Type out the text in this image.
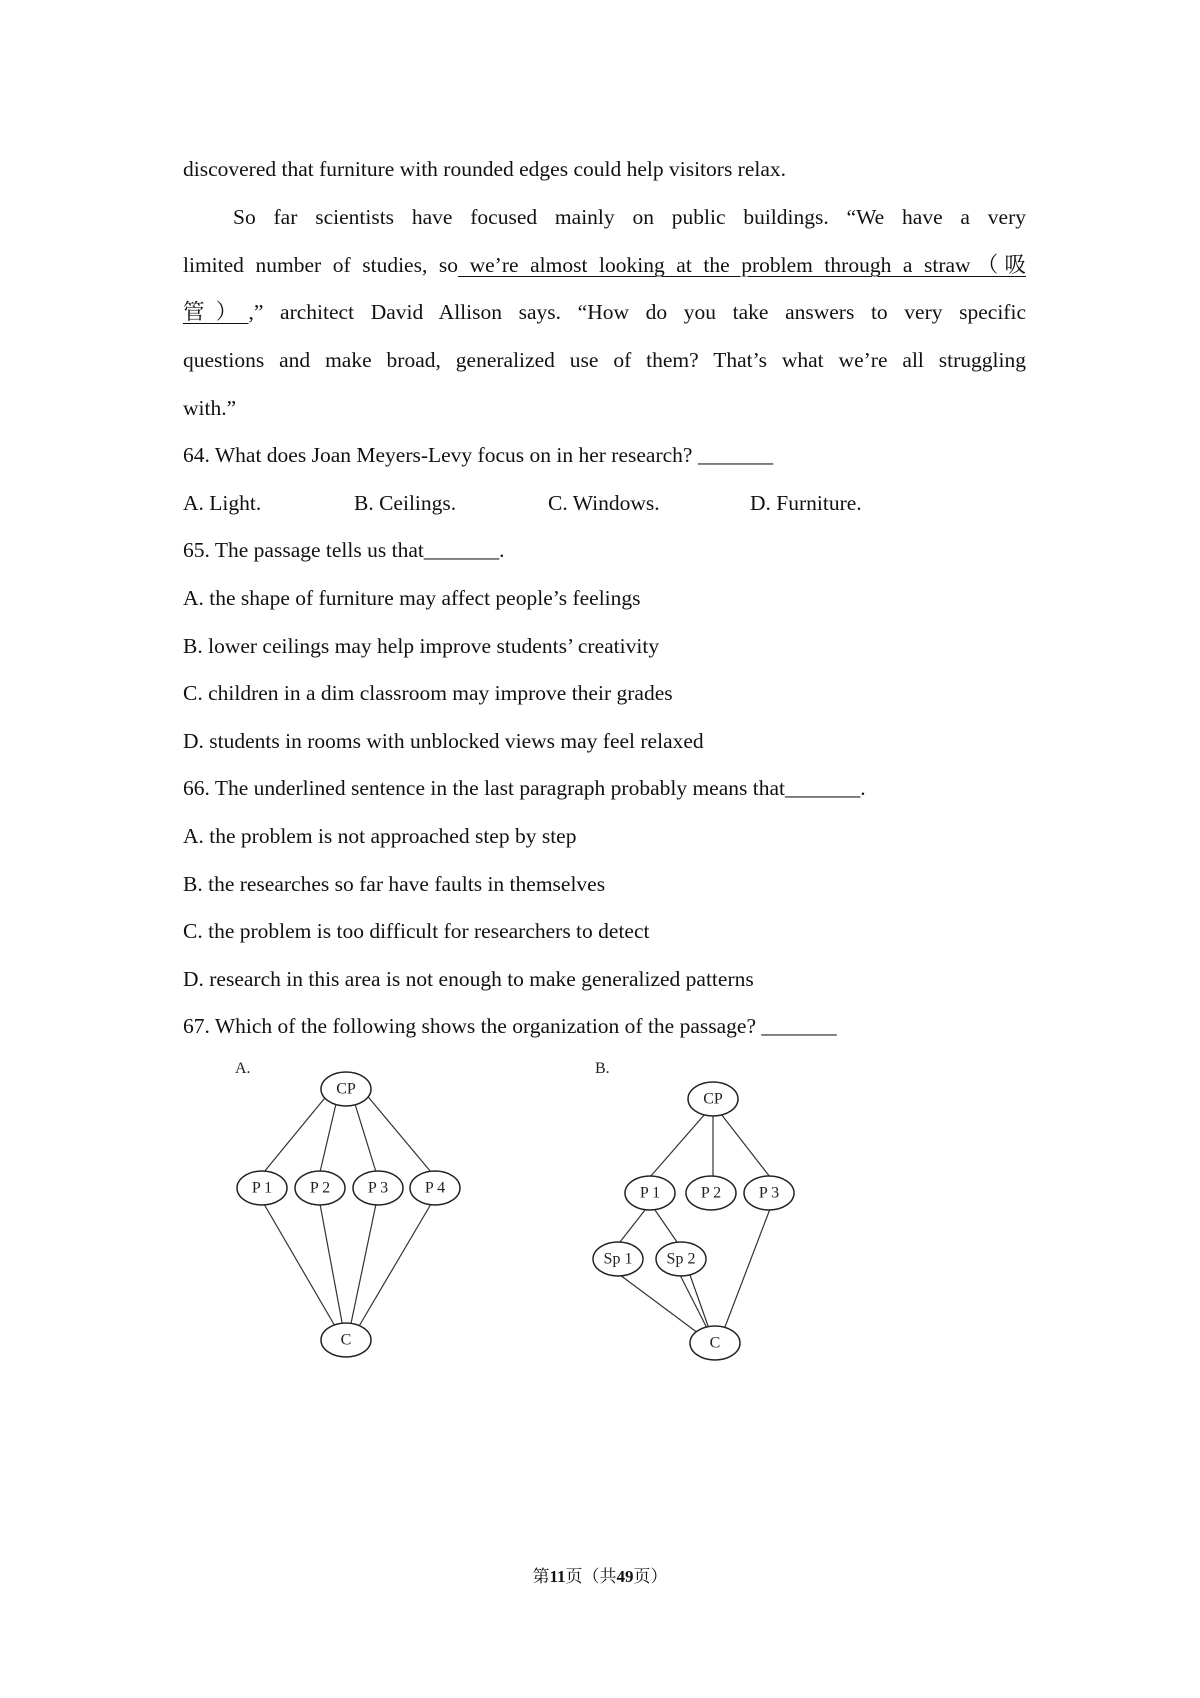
discovered that furniture with rounded edges could help visitors relax.
So far scientists have focused mainly on public buildings. “We have a very
limited number of studies, so we’re almost looking at the problem through a straw（吸
管）,” architect David Allison says. “How do you take answers to very specific
questions and make broad, generalized use of them? That’s what we’re all struggling
with.”
64. What does Joan Meyers-Levy focus on in her research? _______
A. Light.	B. Ceilings.	C. Windows.	D. Furniture.
65. The passage tells us that_______.
A. the shape of furniture may affect people’s feelings
B. lower ceilings may help improve students’ creativity
C. children in a dim classroom may improve their grades
D. students in rooms with unblocked views may feel relaxed
66. The underlined sentence in the last paragraph probably means that_______.
A. the problem is not approached step by step
B. the researches so far have faults in themselves
C. the problem is too difficult for researchers to detect
D. research in this area is not enough to make generalized patterns
67. Which of the following shows the organization of the passage? _______
A.
CP
P 1 P 2 P 3 P 4
C
B.
CP
P 1	P 2 P 3
Sp 1 Sp 2
C
第11页（共49页）
